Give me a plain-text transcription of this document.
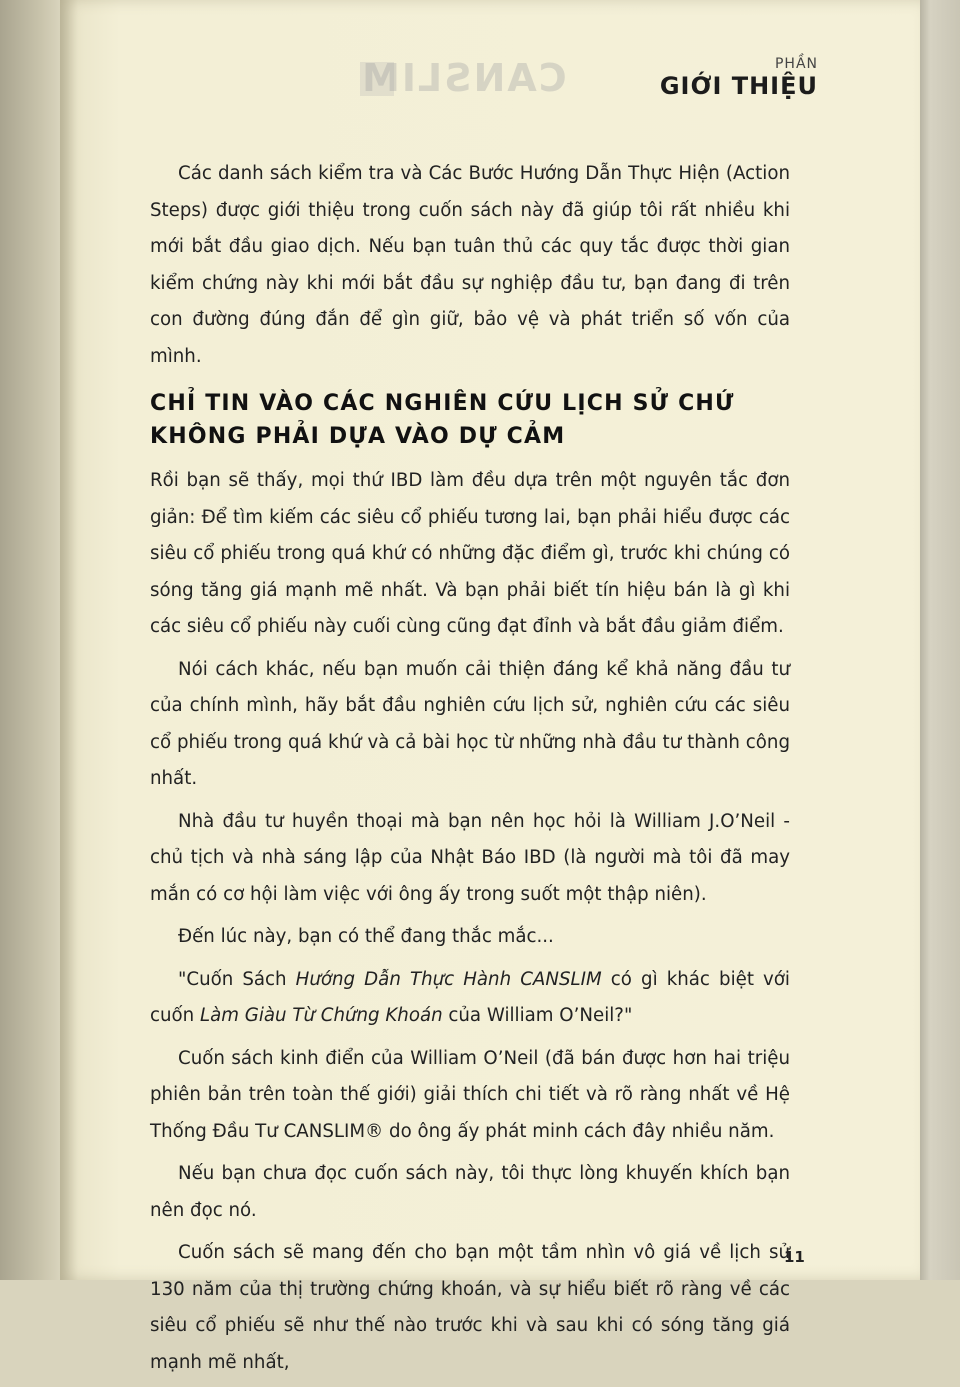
CANSLIM	PHẦN
GIỚI THIỆU

Các danh sách kiểm tra và Các Bước Hướng Dẫn Thực Hiện (Action Steps) được giới thiệu trong cuốn sách này đã giúp tôi rất nhiều khi mới bắt đầu giao dịch. Nếu bạn tuân thủ các quy tắc được thời gian kiểm chứng này khi mới bắt đầu sự nghiệp đầu tư, bạn đang đi trên con đường đúng đắn để gìn giữ, bảo vệ và phát triển số vốn của mình.

CHỈ TIN VÀO CÁC NGHIÊN CỨU LỊCH SỬ CHỨ KHÔNG PHẢI DỰA VÀO DỰ CẢM

Rồi bạn sẽ thấy, mọi thứ IBD làm đều dựa trên một nguyên tắc đơn giản: Để tìm kiếm các siêu cổ phiếu tương lai, bạn phải hiểu được các siêu cổ phiếu trong quá khứ có những đặc điểm gì, trước khi chúng có sóng tăng giá mạnh mẽ nhất. Và bạn phải biết tín hiệu bán là gì khi các siêu cổ phiếu này cuối cùng cũng đạt đỉnh và bắt đầu giảm điểm.

Nói cách khác, nếu bạn muốn cải thiện đáng kể khả năng đầu tư của chính mình, hãy bắt đầu nghiên cứu lịch sử, nghiên cứu các siêu cổ phiếu trong quá khứ và cả bài học từ những nhà đầu tư thành công nhất.

Nhà đầu tư huyền thoại mà bạn nên học hỏi là William J.O’Neil - chủ tịch và nhà sáng lập của Nhật Báo IBD (là người mà tôi đã may mắn có cơ hội làm việc với ông ấy trong suốt một thập niên).

Đến lúc này, bạn có thể đang thắc mắc...

"Cuốn Sách Hướng Dẫn Thực Hành CANSLIM có gì khác biệt với cuốn Làm Giàu Từ Chứng Khoán của William O’Neil?"

Cuốn sách kinh điển của William O’Neil (đã bán được hơn hai triệu phiên bản trên toàn thế giới) giải thích chi tiết và rõ ràng nhất về Hệ Thống Đầu Tư CANSLIM® do ông ấy phát minh cách đây nhiều năm.

Nếu bạn chưa đọc cuốn sách này, tôi thực lòng khuyến khích bạn nên đọc nó.

Cuốn sách sẽ mang đến cho bạn một tầm nhìn vô giá về lịch sử 130 năm của thị trường chứng khoán, và sự hiểu biết rõ ràng về các siêu cổ phiếu sẽ như thế nào trước khi và sau khi có sóng tăng giá mạnh mẽ nhất,

11
